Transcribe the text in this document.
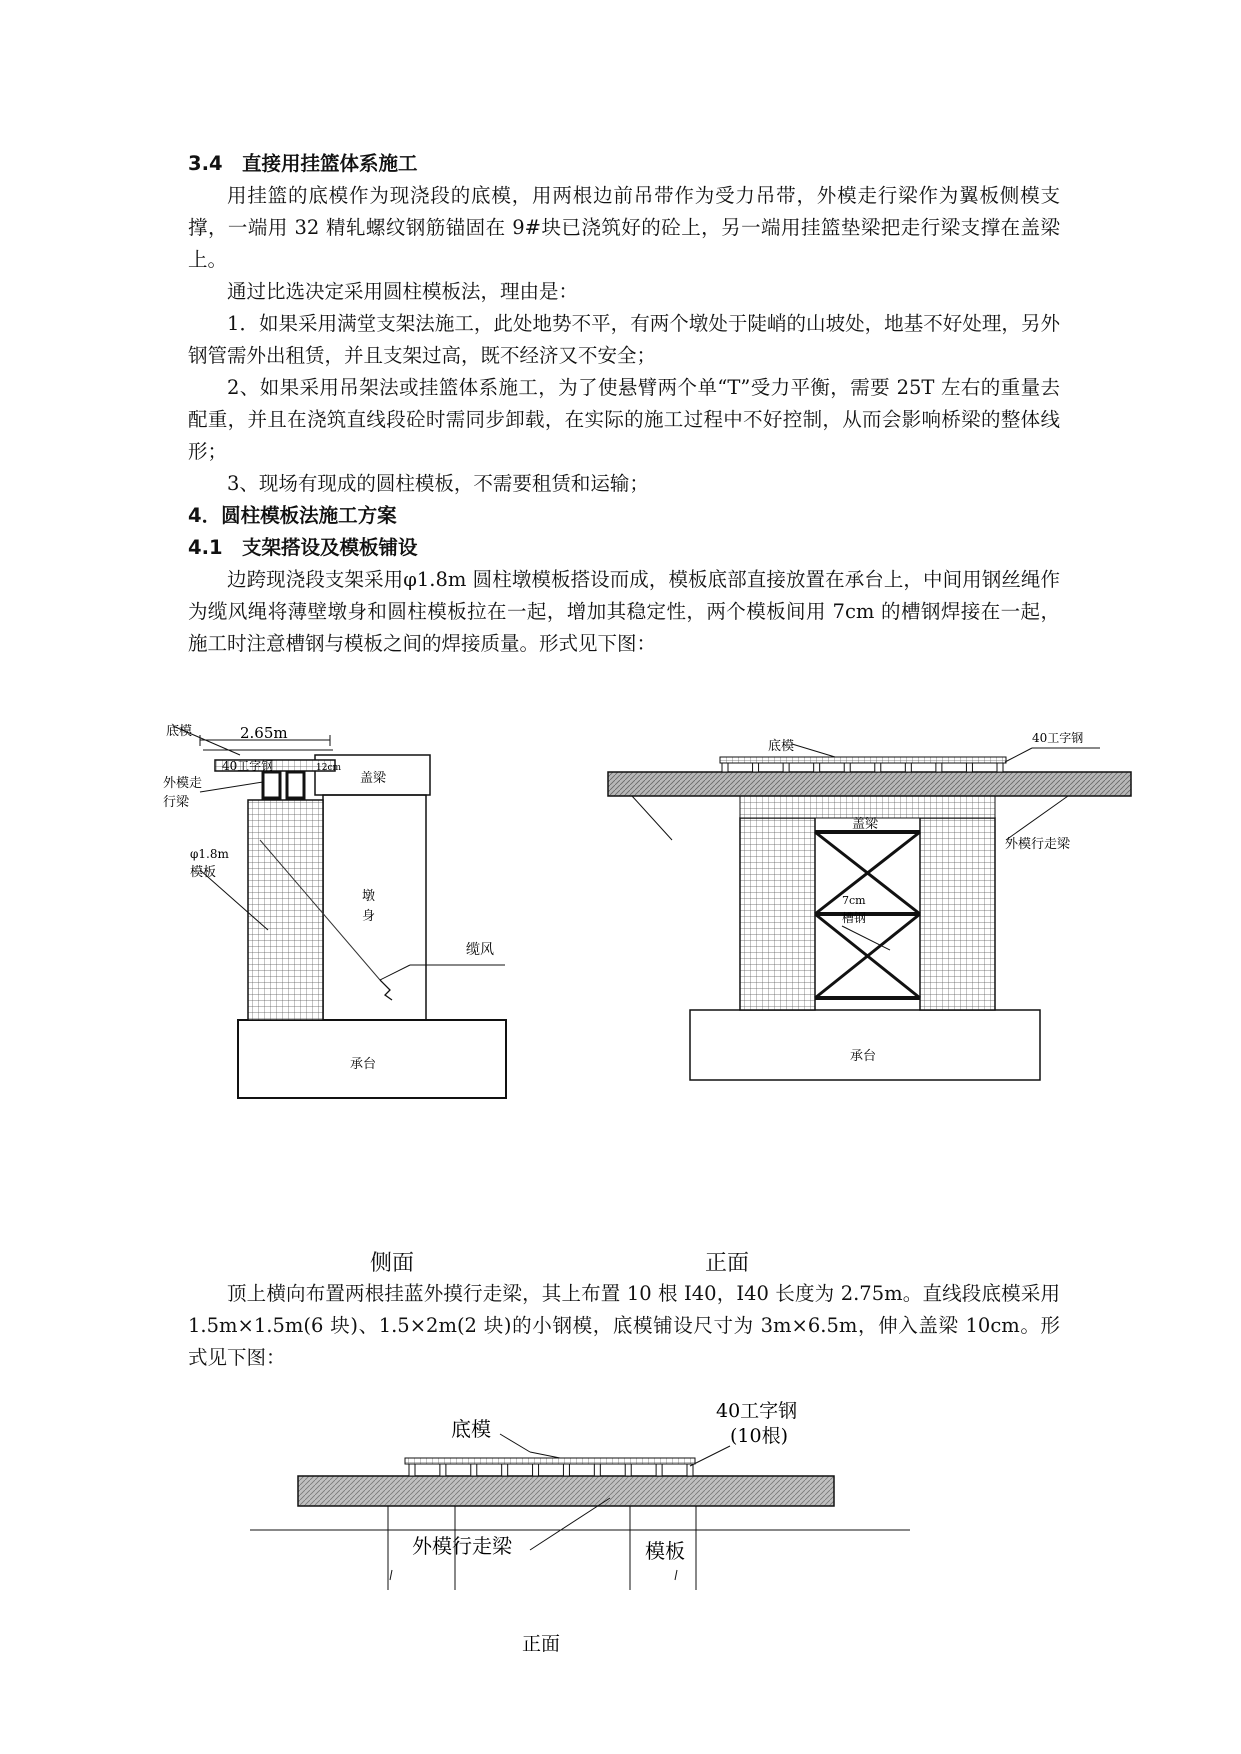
3.4　直接用挂篮体系施工

用挂篮的底模作为现浇段的底模，用两根边前吊带作为受力吊带，外模走行梁作为翼板侧模支撑，一端用 32 精轧螺纹钢筋锚固在 9#块已浇筑好的砼上，另一端用挂篮垫梁把走行梁支撑在盖梁上。

通过比选决定采用圆柱模板法，理由是：

1．如果采用满堂支架法施工，此处地势不平，有两个墩处于陡峭的山坡处，地基不好处理，另外钢管需外出租赁，并且支架过高，既不经济又不安全；

2、如果采用吊架法或挂篮体系施工，为了使悬臂两个单“T”受力平衡，需要 25T 左右的重量去配重，并且在浇筑直线段砼时需同步卸载，在实际的施工过程中不好控制，从而会影响桥梁的整体线形；

3、现场有现成的圆柱模板，不需要租赁和运输；

4．圆柱模板法施工方案

4.1　支架搭设及模板铺设

边跨现浇段支架采用φ1.8m 圆柱墩模板搭设而成，模板底部直接放置在承台上，中间用钢丝绳作为缆风绳将薄壁墩身和圆柱模板拉在一起，增加其稳定性，两个模板间用 7cm 的槽钢焊接在一起，施工时注意槽钢与模板之间的焊接质量。形式见下图：

底模	2.65m
12cm
40工字钢
外模走
行梁
盖梁
φ1.8m
模板
墩
身
缆风
承台
底模
40工字钢
盖梁
外模行走梁
7cm
槽钢
承台
侧面	正面

顶上横向布置两根挂蓝外摸行走梁，其上布置 10 根 I40，I40 长度为 2.75m。直线段底模采用 1.5m×1.5m(6 块)、1.5×2m(2 块)的小钢模，底模铺设尺寸为 3m×6.5m，伸入盖梁 10cm。形式见下图：

底模
40工字钢
(10根)
外模行走梁	模板
正面
